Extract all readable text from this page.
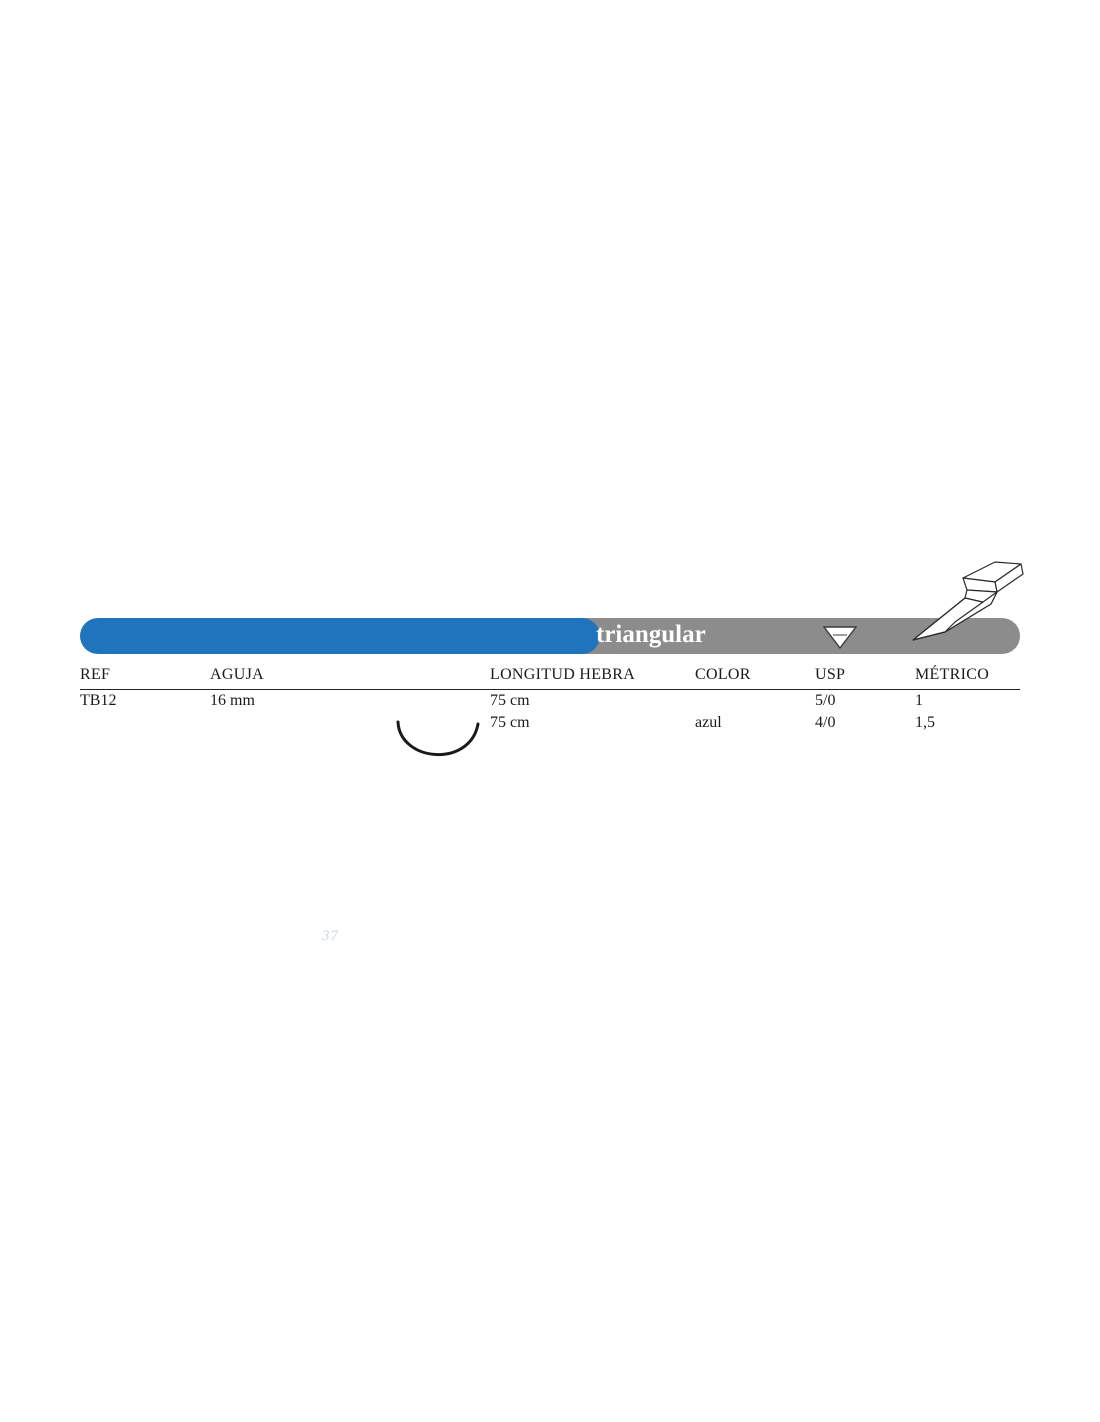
triangular
REF	AGUJA	LONGITUD HEBRA	COLOR	USP	MÉTRICO
TB12	16 mm	75 cm		5/0	1
		75 cm	azul	4/0	1,5
37
